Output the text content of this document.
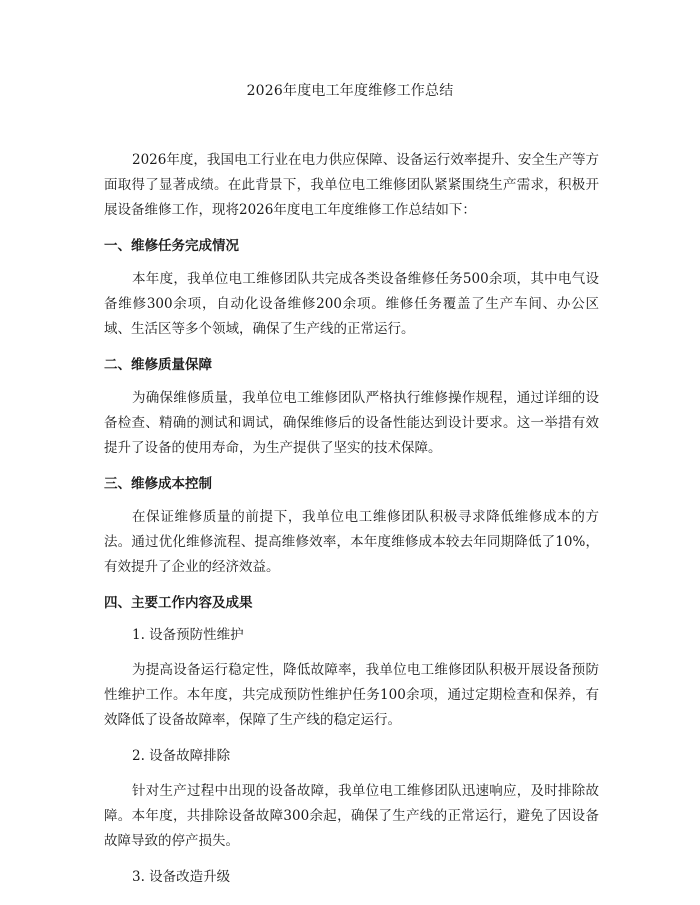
2026年度电工年度维修工作总结

2026年度，我国电工行业在电力供应保障、设备运行效率提升、安全生产等方面取得了显著成绩。在此背景下，我单位电工维修团队紧紧围绕生产需求，积极开展设备维修工作，现将2026年度电工年度维修工作总结如下：

一、维修任务完成情况

本年度，我单位电工维修团队共完成各类设备维修任务500余项，其中电气设备维修300余项，自动化设备维修200余项。维修任务覆盖了生产车间、办公区域、生活区等多个领域，确保了生产线的正常运行。

二、维修质量保障

为确保维修质量，我单位电工维修团队严格执行维修操作规程，通过详细的设备检查、精确的测试和调试，确保维修后的设备性能达到设计要求。这一举措有效提升了设备的使用寿命，为生产提供了坚实的技术保障。

三、维修成本控制

在保证维修质量的前提下，我单位电工维修团队积极寻求降低维修成本的方法。通过优化维修流程、提高维修效率，本年度维修成本较去年同期降低了10%，有效提升了企业的经济效益。

四、主要工作内容及成果
1. 设备预防性维护

为提高设备运行稳定性，降低故障率，我单位电工维修团队积极开展设备预防性维护工作。本年度，共完成预防性维护任务100余项，通过定期检查和保养，有效降低了设备故障率，保障了生产线的稳定运行。

2. 设备故障排除

针对生产过程中出现的设备故障，我单位电工维修团队迅速响应，及时排除故障。本年度，共排除设备故障300余起，确保了生产线的正常运行，避免了因设备故障导致的停产损失。

3. 设备改造升级
